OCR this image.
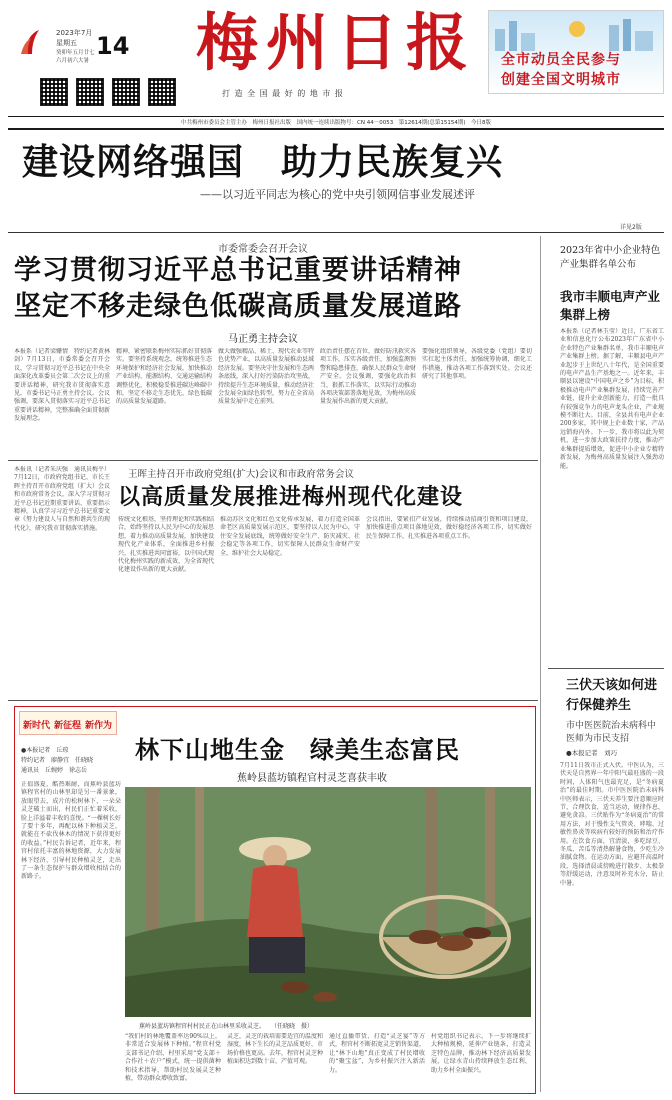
2023年7月
星期五 14
癸卯年五月廿七
六月初六大暑 梅州日报
打 造 全 国 最 好 的 地 市 报
全市动员全民参与
创建全国文明城市
中共梅州市委员会主管主办　梅州日报社出版　国内统一连续出版物号：CN 44－0053　第12614期(总第15154期)　今日8版
建设网络强国　助力民族复兴
——以习近平同志为核心的党中央引领网信事业发展述评
详见2版
市委常委会召开会议
学习贯彻习近平总书记重要讲话精神
坚定不移走绿色低碳高质量发展道路
马正勇主持会议
本报系（记者梁姗情　特约记者黄林剑）7月13日，市委常委会召开会议，学习贯彻习近平总书记在中央全面深化改革委员会第二次会议上的重要讲话精神，研究我市贯彻落实意见。市委书记马正勇主持会议。会议强调，要深入贯彻落实习近平总书记重要讲话精神，完整准确全面贯彻新发展理念。
精神，紧密联系梅州实际抓好贯彻落实。要坚持系统观念，统筹推进生态环境保护和经济社会发展，加快推动产业结构、能源结构、交通运输结构调整优化，积极稳妥推进碳达峰碳中和，坚定不移走生态优先、绿色低碳的高质量发展道路。
做大做强精品、稀土、现代农业等特色优势产业，以高质量发展推动县域经济发展。要坚决守住发展和生态两条底线，深入打好污染防治攻坚战，持续提升生态环境质量，推动经济社会发展全面绿色转型，努力在全省高质量发展中走在前列。
政治责任摆在首位，做好防汛救灾各项工作，压实各级责任，加强监测预警和隐患排查，确保人民群众生命财产安全。会议强调，要强化政治担当，狠抓工作落实，以实际行动推动各项决策部署落地见效，为梅州高质量发展作出新的更大贡献。
要强化组织领导，各级党委（党组）要切实扛起主体责任，加强统筹协调，细化工作措施，推动各项工作落到实处。会议还研究了其他事项。
本报讯（记者朱庆强　通讯员梅平）7月12日，市政府党组书记、市长王晖主持召开市政府党组（扩大）会议和市政府常务会议，深入学习贯彻习近平总书记近期重要讲话、重要指示精神，认真学习习近平总书记重要文章《努力建设人与自然和谐共生的现代化》，研究我市贯彻落实措施。
王晖主持召开市政府党组(扩大)会议和市政府常务会议
以高质量发展推进梅州现代化建设
传统文化根基，坚持理论和实践相结合，始终坚持以人民为中心的发展思想，着力推动高质量发展，加快建设现代化产业体系，全面推进乡村振兴，扎实推进共同富裕，以中国式现代化梅州实践的新成效，为全省现代化建设作出新的更大贡献。
推动苏区文化和红色文化传承发展，着力打造全国革命老区高质量发展示范区，要坚持以人民为中心，守住安全发展底线，统筹做好安全生产、防灾减灾、社会稳定等各项工作，切实保障人民群众生命财产安全，维护社会大局稳定。
会议指出，要紧扣产业发展，持续推动招商引资和项目建设，加快推进重点项目落地见效，做好稳经济各项工作，切实做好民生保障工作，扎实推进各项重点工作。
2023年省中小企业特色产业集群名单公布
我市丰顺电声产业集群上榜
本报系（记者林玉莹）近日，广东省工业和信息化厅公布2023年广东省中小企业特色产业集群名单，我市丰顺电声产业集群上榜。据了解，丰顺县电声产业起步于上世纪八十年代，是全国重要的电声产品生产基地之一。近年来，丰顺县以建设“中国电声之乡”为目标，积极推动电声产业集群发展，持续完善产业链，提升企业创新能力，打造一批具有较强竞争力的电声龙头企业，产业规模不断壮大。目前，全县共有电声企业200多家，其中规上企业数十家，产品远销海内外。下一步，我市将以此为契机，进一步加大政策扶持力度，推动产业集群提质增效，促进中小企业专精特新发展，为梅州高质量发展注入强劲动能。
三伏天该如何进行保健养生
市中医医院治未病科中医师为市民支招
●本报记者　刘巧
7月11日我市正式入伏。中医认为，三伏天是自然界一年中阳气最旺盛的一段时间，人体阳气也最充足，是“冬病夏治”的最佳时期。市中医医院治未病科中医师表示，三伏天养生要注意顺应时节，合理饮食，适当运动，规律作息，避免贪凉。三伏贴作为“冬病夏治”的常用方法，对于慢性支气管炎、哮喘、过敏性鼻炎等疾病有较好的预防和治疗作用。在饮食方面，宜清淡，多吃绿豆、冬瓜、苦瓜等清热解暑食物，少吃生冷油腻食物。在运动方面，应避开高温时段，选择清晨或傍晚进行散步、太极拳等舒缓运动，注意及时补充水分，防止中暑。
新时代 新征程 新作为
林下山地生金　绿美生态富民
蕉岭县蓝坊镇程官村灵芝喜获丰收
●本报记者　丘琼
特约记者　廖静宜　任晓晓
通讯员　丘婉婷　徐志岳
正值盛夏，酷热难耐，而蕉岭县蓝坊镇程官村的山林里却是另一番景象，放眼望去，成片的松树林下，一朵朵灵芝破土而出，村民们正忙着采收，脸上洋溢着丰收的喜悦。“一棵树长好了要十多年，再配以林下种植灵芝，就能在不砍伐林木的情况下获得更好的收益。”村民告诉记者，近年来，程官村依托丰富的林地资源，大力发展林下经济，引导村民种植灵芝，走出了一条生态保护与群众增收相结合的新路子。
蕉岭县蓝坊镇程官村村民正在山林里采收灵芝。　　（任晓晓　摄）
“我们村的林地覆盖率达90%以上，非常适合发展林下种植。”程官村党支部书记介绍，村里采用“党支部＋合作社＋农户”模式，统一提供菌种和技术指导，帮助村民发展灵芝种植，带动群众增收致富。
灵芝，灵芝的栽培需要适宜的温度和湿度，林下生长的灵芝品质更好，市场价格也更高。去年，程官村灵芝种植面积达到数十亩，产值可观。
通过直播带货、打造“灵芝宴”等方式，程官村不断拓宽灵芝销售渠道，让“林下山地”真正变成了村民增收的“聚宝盆”，为乡村振兴注入新活力。
村党组织书记表示，下一步将继续扩大种植规模，延伸产业链条，打造灵芝特色品牌，推动林下经济高质量发展，让绿水青山持续释放生态红利，助力乡村全面振兴。
